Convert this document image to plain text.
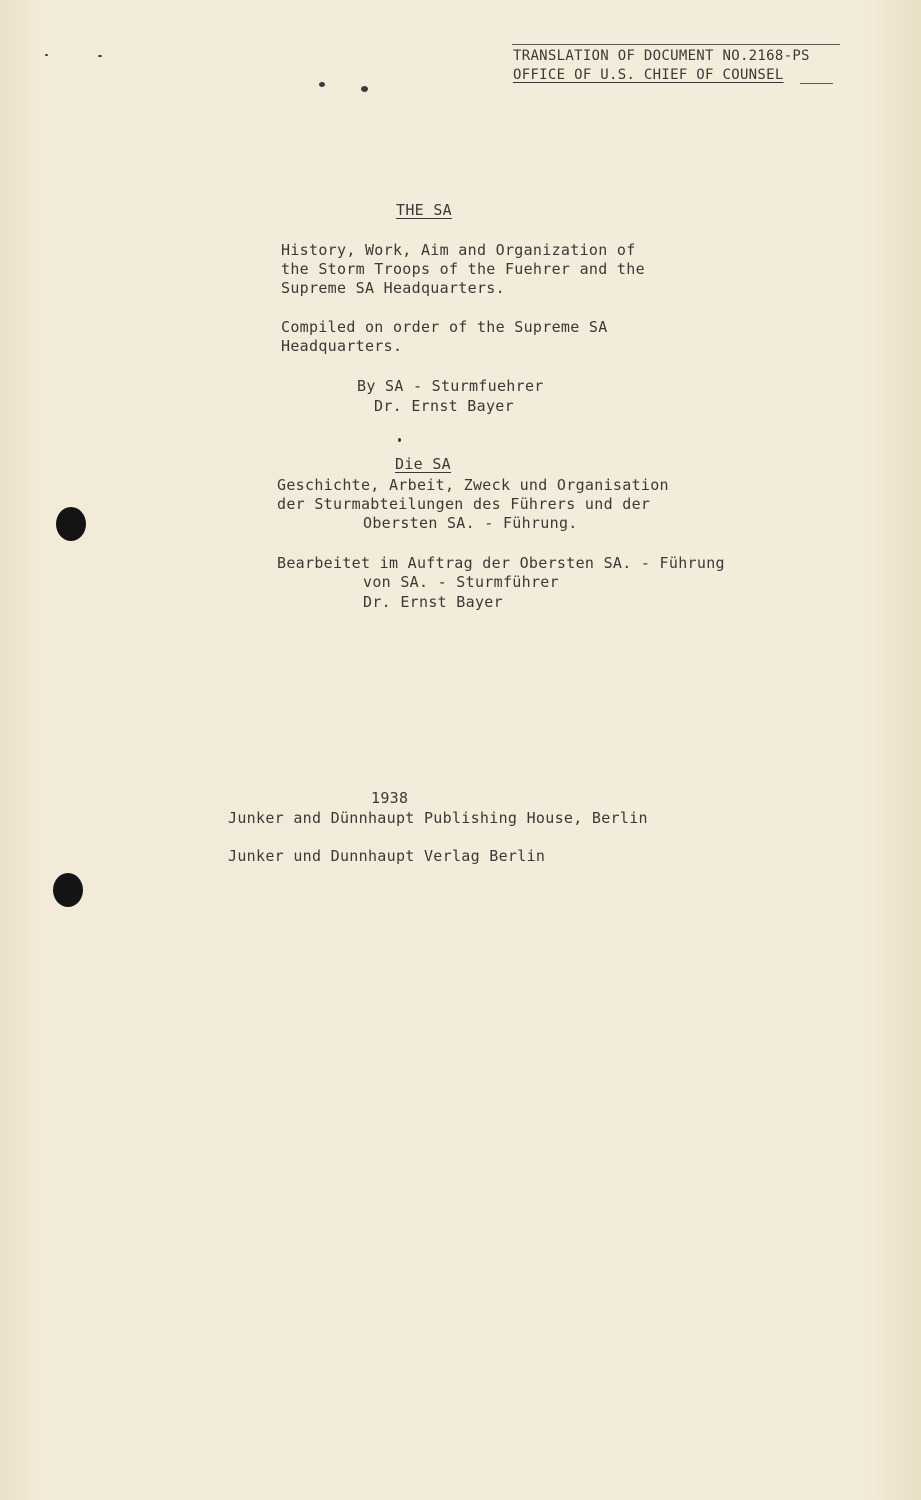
TRANSLATION OF DOCUMENT NO.2168-PS
OFFICE OF U.S. CHIEF OF COUNSEL
THE SA
History, Work, Aim and Organization of
the Storm Troops of the Fuehrer and the
Supreme SA Headquarters.
Compiled on order of the Supreme SA
Headquarters.
By SA - Sturmfuehrer
Dr. Ernst Bayer
Die SA
Geschichte, Arbeit, Zweck und Organisation
der Sturmabteilungen des Führers und der
Obersten SA. - Führung.
Bearbeitet im Auftrag der Obersten SA. - Führung
von SA. - Sturmführer
Dr. Ernst Bayer
1938
Junker and Dünnhaupt Publishing House, Berlin
Junker und Dunnhaupt Verlag Berlin
